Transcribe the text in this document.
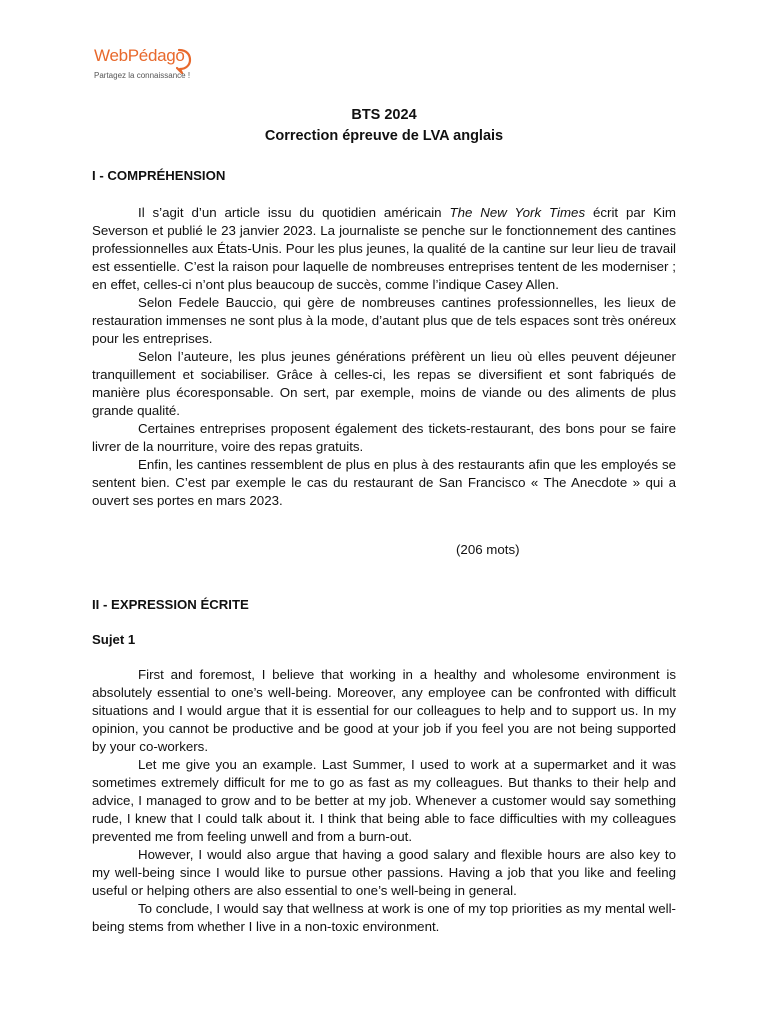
WebPédago
Partagez la connaissance !
BTS 2024
Correction épreuve de LVA anglais
I - COMPRÉHENSION

Il s’agit d’un article issu du quotidien américain The New York Times écrit par Kim Severson et publié le 23 janvier 2023. La journaliste se penche sur le fonctionnement des cantines professionnelles aux États-Unis. Pour les plus jeunes, la qualité de la cantine sur leur lieu de travail est essentielle. C’est la raison pour laquelle de nombreuses entreprises tentent de les moderniser ; en effet, celles-ci n’ont plus beaucoup de succès, comme l’indique Casey Allen.

Selon Fedele Bauccio, qui gère de nombreuses cantines professionnelles, les lieux de restauration immenses ne sont plus à la mode, d’autant plus que de tels espaces sont très onéreux pour les entreprises.

Selon l’auteure, les plus jeunes générations préfèrent un lieu où elles peuvent déjeuner tranquillement et sociabiliser. Grâce à celles-ci, les repas se diversifient et sont fabriqués de manière plus écoresponsable. On sert, par exemple, moins de viande ou des aliments de plus grande qualité.

Certaines entreprises proposent également des tickets-restaurant, des bons pour se faire livrer de la nourriture, voire des repas gratuits.

Enfin, les cantines ressemblent de plus en plus à des restaurants afin que les employés se sentent bien. C’est par exemple le cas du restaurant de San Francisco « The Anecdote » qui a ouvert ses portes en mars 2023.

(206 mots)
II - EXPRESSION ÉCRITE
Sujet 1

First and foremost, I believe that working in a healthy and wholesome environment is absolutely essential to one’s well-being. Moreover, any employee can be confronted with difficult situations and I would argue that it is essential for our colleagues to help and to support us. In my opinion, you cannot be productive and be good at your job if you feel you are not being supported by your co-workers.

Let me give you an example. Last Summer, I used to work at a supermarket and it was sometimes extremely difficult for me to go as fast as my colleagues. But thanks to their help and advice, I managed to grow and to be better at my job. Whenever a customer would say something rude, I knew that I could talk about it. I think that being able to face difficulties with my colleagues prevented me from feeling unwell and from a burn-out.

However, I would also argue that having a good salary and flexible hours are also key to my well-being since I would like to pursue other passions. Having a job that you like and feeling useful or helping others are also essential to one’s well-being in general.

To conclude, I would say that wellness at work is one of my top priorities as my mental well-being stems from whether I live in a non-toxic environment.
